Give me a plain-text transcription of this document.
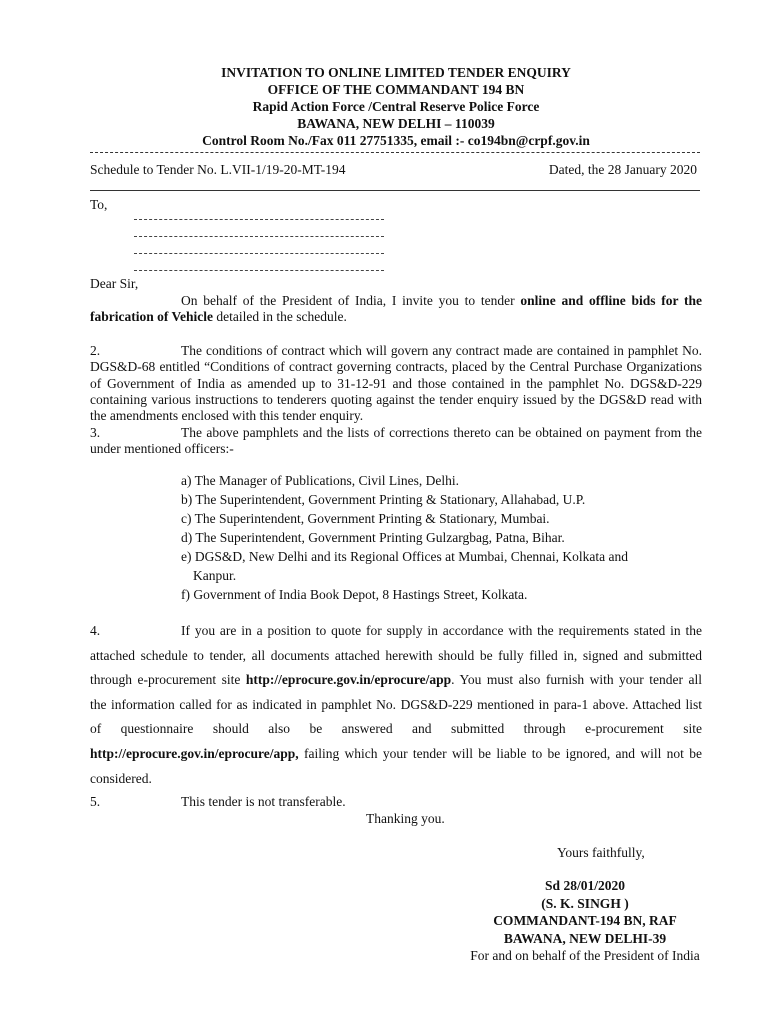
INVITATION TO ONLINE LIMITED TENDER ENQUIRY
OFFICE OF THE COMMANDANT 194 BN
Rapid Action Force /Central Reserve Police Force
BAWANA, NEW DELHI – 110039
Control Room No./Fax 011 27751335, email :- co194bn@crpf.gov.in
Schedule to Tender No. L.VII-1/19-20-MT-194	Dated, the 28 January 2020
To,
Dear Sir,
On behalf of the President of India, I invite you to tender online and offline bids for the fabrication of Vehicle detailed in the schedule.
2.	The conditions of contract which will govern any contract made are contained in pamphlet No. DGS&D-68 entitled “Conditions of contract governing contracts, placed by the Central Purchase Organizations of Government of India as amended up to 31-12-91 and those contained in the pamphlet No. DGS&D-229 containing various instructions to tenderers quoting against the tender enquiry issued by the DGS&D read with the amendments enclosed with this tender enquiry.
3.	The above pamphlets and the lists of corrections thereto can be obtained on payment from the under mentioned officers:-
a) The Manager of Publications, Civil Lines, Delhi.
b) The Superintendent, Government Printing & Stationary, Allahabad, U.P.
c) The Superintendent, Government Printing & Stationary, Mumbai.
d) The Superintendent, Government Printing Gulzargbag, Patna, Bihar.
e) DGS&D, New Delhi and its Regional Offices at Mumbai, Chennai, Kolkata and
Kanpur.
f) Government of India Book Depot, 8 Hastings Street, Kolkata.
4.	If you are in a position to quote for supply in accordance with the requirements stated in the
attached schedule to tender, all documents attached herewith should be fully filled in, signed and submitted
through e-procurement site http://eprocure.gov.in/eprocure/app. You must also furnish with your tender all
the information called for as indicated in pamphlet No. DGS&D-229 mentioned in para-1 above. Attached list
of questionnaire should also be answered and submitted through e-procurement site
http://eprocure.gov.in/eprocure/app, failing which your tender will be liable to be ignored, and will not be
considered.
5.	This tender is not transferable.
Thanking you.
Yours faithfully,
Sd 28/01/2020
(S. K. SINGH )
COMMANDANT-194 BN, RAF
BAWANA, NEW DELHI-39
For and on behalf of the President of India
